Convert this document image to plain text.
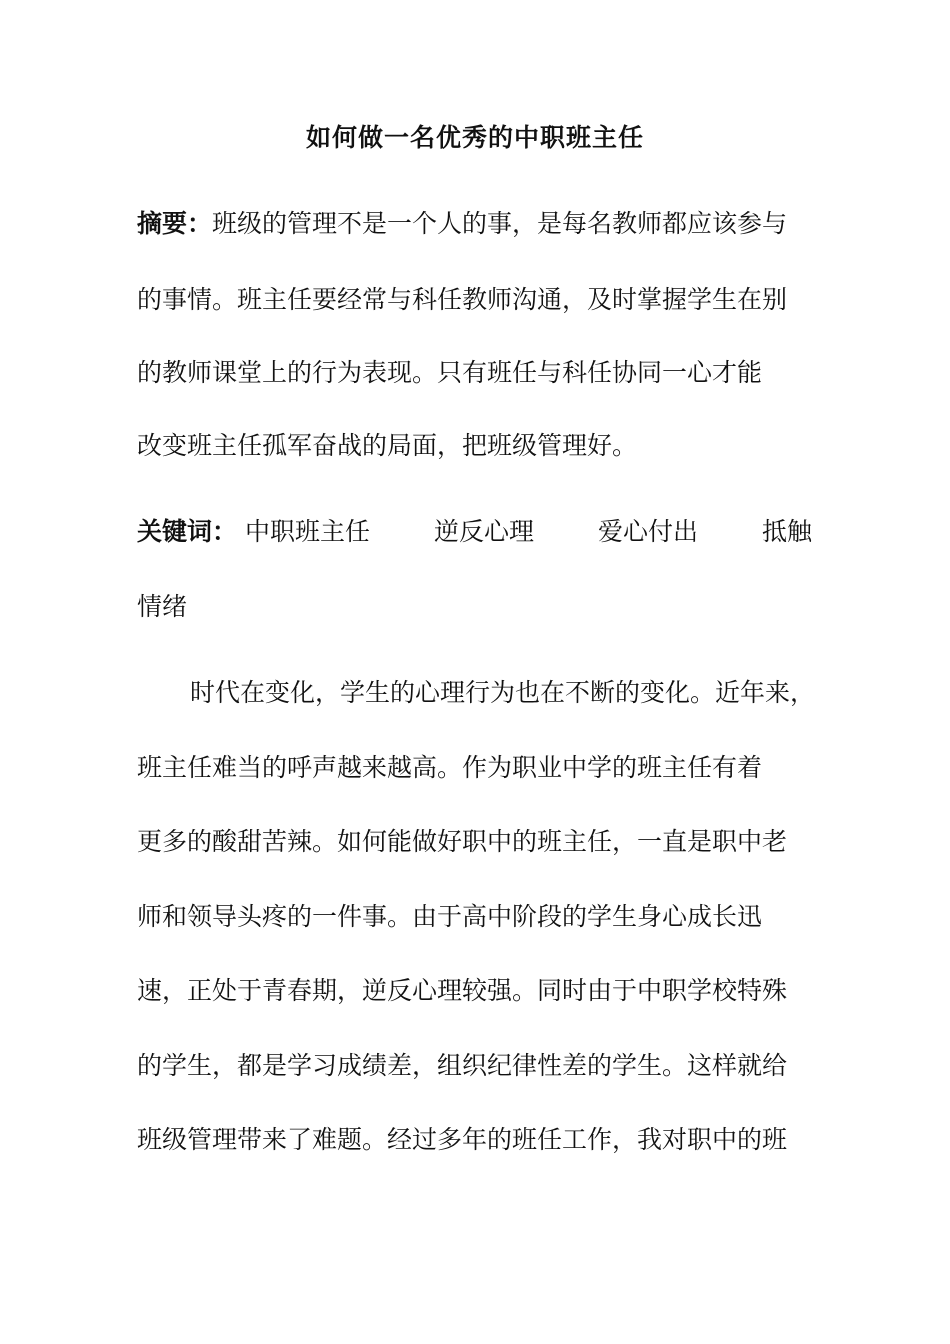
如何做一名优秀的中职班主任
摘要：班级的管理不是一个人的事，是每名教师都应该参与
的事情。班主任要经常与科任教师沟通，及时掌握学生在别
的教师课堂上的行为表现。只有班任与科任协同一心才能
改变班主任孤军奋战的局面，把班级管理好。
关键词： 中职班主任	逆反心理	爱心付出	抵触
情绪
时代在变化，学生的心理行为也在不断的变化。近年来，
班主任难当的呼声越来越高。作为职业中学的班主任有着
更多的酸甜苦辣。如何能做好职中的班主任，一直是职中老
师和领导头疼的一件事。由于高中阶段的学生身心成长迅
速，正处于青春期，逆反心理较强。同时由于中职学校特殊
的学生，都是学习成绩差，组织纪律性差的学生。这样就给
班级管理带来了难题。经过多年的班任工作，我对职中的班
